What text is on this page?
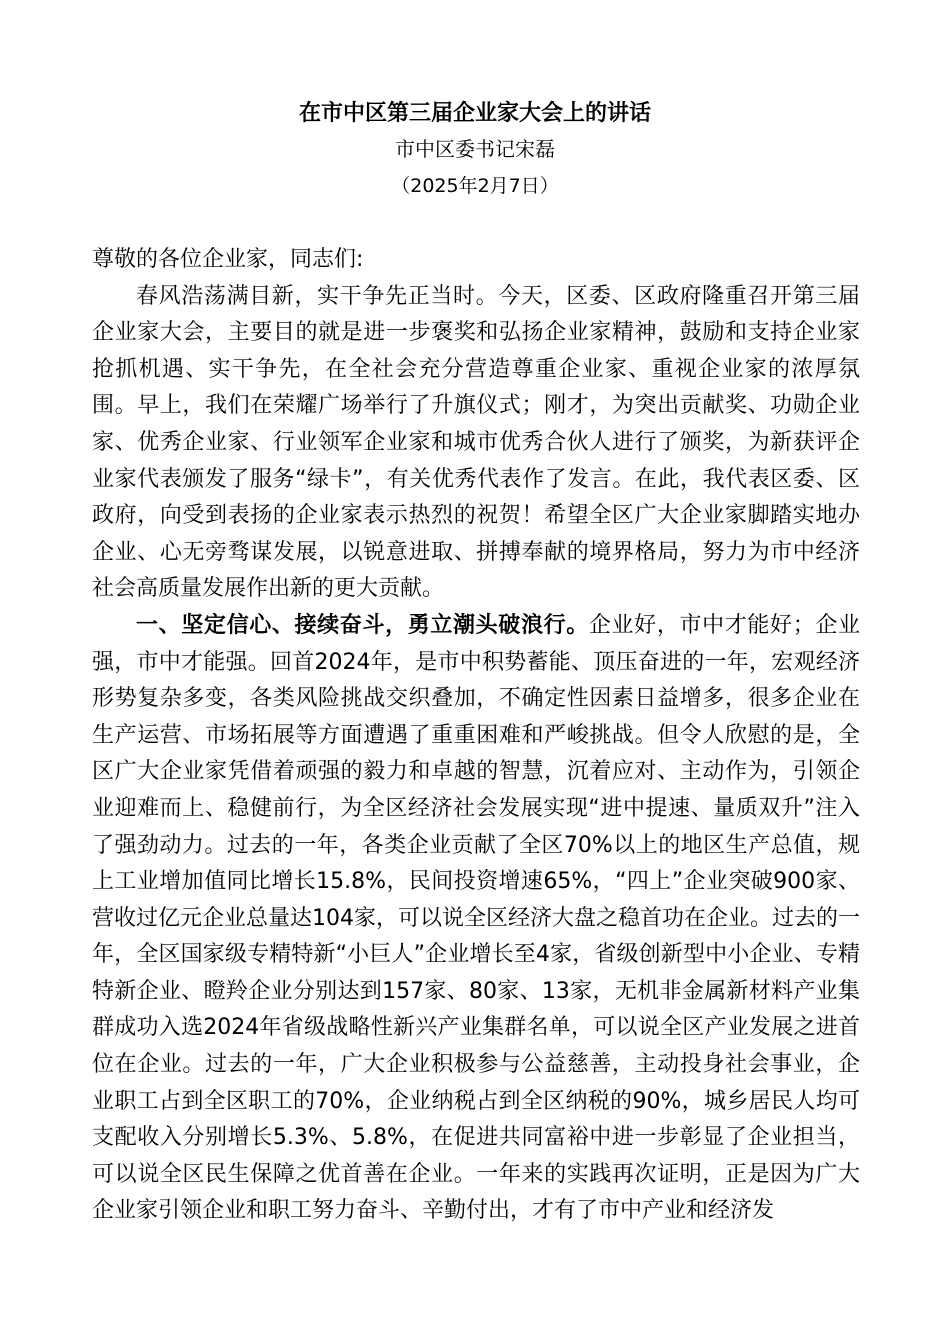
在市中区第三届企业家大会上的讲话
市中区委书记宋磊
（2025年2月7日）

尊敬的各位企业家，同志们:

春风浩荡满目新，实干争先正当时。今天，区委、区政府隆重召开第三届企业家大会，主要目的就是进一步褒奖和弘扬企业家精神，鼓励和支持企业家抢抓机遇、实干争先，在全社会充分营造尊重企业家、重视企业家的浓厚氛围。早上，我们在荣耀广场举行了升旗仪式；刚才，为突出贡献奖、功勋企业家、优秀企业家、行业领军企业家和城市优秀合伙人进行了颁奖，为新获评企业家代表颁发了服务“绿卡”，有关优秀代表作了发言。在此，我代表区委、区政府，向受到表扬的企业家表示热烈的祝贺！希望全区广大企业家脚踏实地办企业、心无旁骛谋发展，以锐意进取、拼搏奉献的境界格局，努力为市中经济社会高质量发展作出新的更大贡献。

一、坚定信心、接续奋斗，勇立潮头破浪行。企业好，市中才能好；企业强，市中才能强。回首2024年，是市中积势蓄能、顶压奋进的一年，宏观经济形势复杂多变，各类风险挑战交织叠加，不确定性因素日益增多，很多企业在生产运营、市场拓展等方面遭遇了重重困难和严峻挑战。但令人欣慰的是，全区广大企业家凭借着顽强的毅力和卓越的智慧，沉着应对、主动作为，引领企业迎难而上、稳健前行，为全区经济社会发展实现“进中提速、量质双升”注入了强劲动力。过去的一年，各类企业贡献了全区70%以上的地区生产总值，规上工业增加值同比增长15.8%，民间投资增速65%，“四上”企业突破900家、营收过亿元企业总量达104家，可以说全区经济大盘之稳首功在企业。过去的一年，全区国家级专精特新“小巨人”企业增长至4家，省级创新型中小企业、专精特新企业、瞪羚企业分别达到157家、80家、13家，无机非金属新材料产业集群成功入选2024年省级战略性新兴产业集群名单，可以说全区产业发展之进首位在企业。过去的一年，广大企业积极参与公益慈善，主动投身社会事业，企业职工占到全区职工的70%，企业纳税占到全区纳税的90%，城乡居民人均可支配收入分别增长5.3%、5.8%，在促进共同富裕中进一步彰显了企业担当，可以说全区民生保障之优首善在企业。一年来的实践再次证明，正是因为广大企业家引领企业和职工努力奋斗、辛勤付出，才有了市中产业和经济发
